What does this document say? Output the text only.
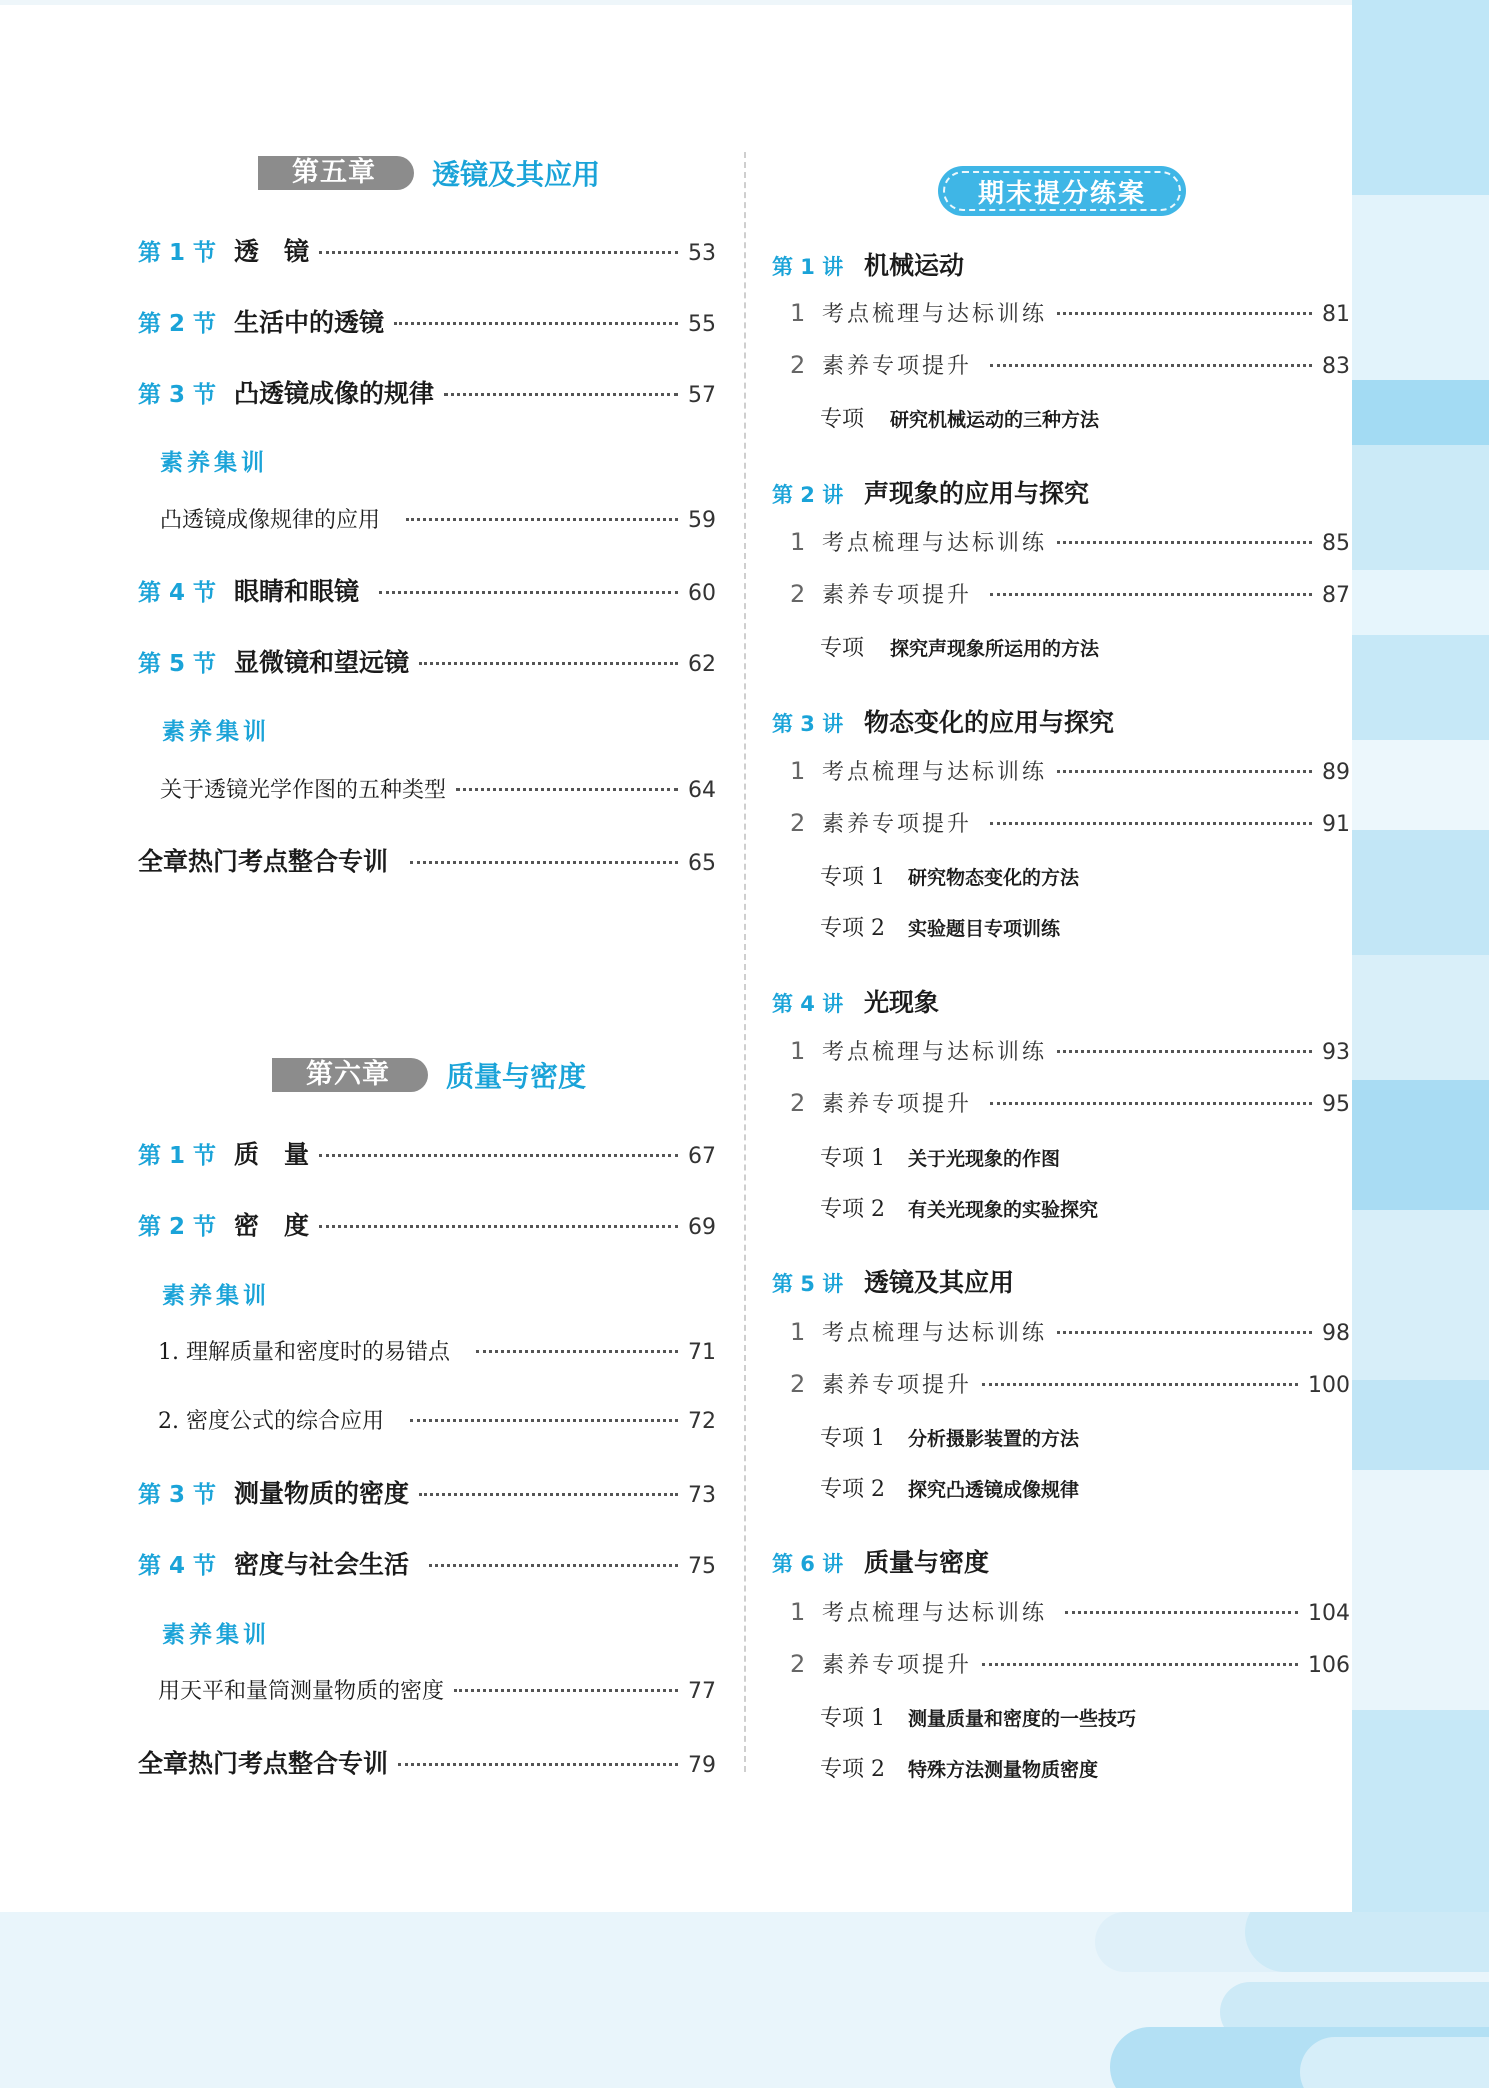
第五章	透镜及其应用
第 1 节 透　镜	53
第 2 节 生活中的透镜	55
第 3 节 凸透镜成像的规律	57
素养集训
凸透镜成像规律的应用	59
第 4 节 眼睛和眼镜	60
第 5 节 显微镜和望远镜	62
素养集训
关于透镜光学作图的五种类型	64
全章热门考点整合专训	65
第六章	质量与密度
第 1 节 质　量	67
第 2 节 密　度	69
素养集训
1. 理解质量和密度时的易错点	71
2. 密度公式的综合应用	72
第 3 节 测量物质的密度	73
第 4 节 密度与社会生活	75
素养集训
用天平和量筒测量物质的密度	77
全章热门考点整合专训	79
期末提分练案
第 1 讲 机械运动
1 考点梳理与达标训练	81
2 素养专项提升	83
专项	研究机械运动的三种方法
第 2 讲 声现象的应用与探究
1 考点梳理与达标训练	85
2 素养专项提升	87
专项	探究声现象所运用的方法
第 3 讲 物态变化的应用与探究
1 考点梳理与达标训练	89
2 素养专项提升	91
专项 1	研究物态变化的方法
专项 2	实验题目专项训练
第 4 讲 光现象
1 考点梳理与达标训练	93
2 素养专项提升	95
专项 1	关于光现象的作图
专项 2	有关光现象的实验探究
第 5 讲 透镜及其应用
1 考点梳理与达标训练	98
2 素养专项提升	100
专项 1	分析摄影装置的方法
专项 2	探究凸透镜成像规律
第 6 讲 质量与密度
1 考点梳理与达标训练	104
2 素养专项提升	106
专项 1	测量质量和密度的一些技巧
专项 2	特殊方法测量物质密度
